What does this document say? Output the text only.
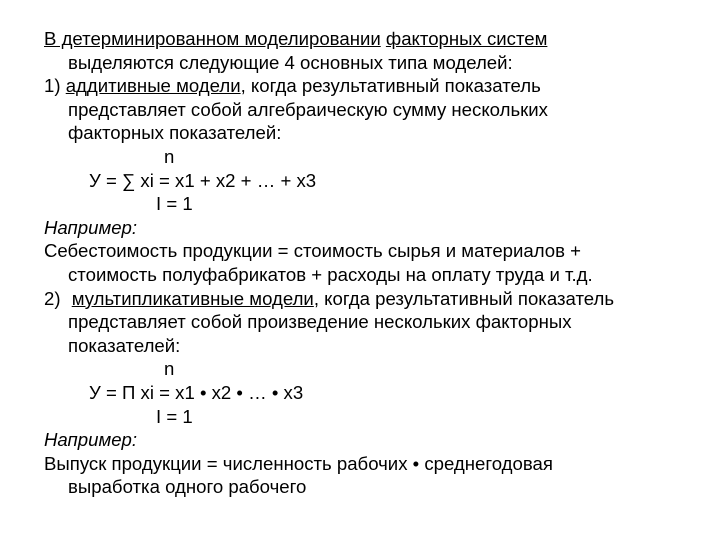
В детерминированном моделировании факторных систем
выделяются следующие 4 основных типа моделей:
1) аддитивные модели, когда результативный показатель
представляет собой алгебраическую сумму нескольких
факторных показателей:
n
У = ∑ xi = x1 + x2 + … + x3
I = 1
Например:
Себестоимость продукции = стоимость сырья и материалов +
стоимость полуфабрикатов + расходы на оплату труда и т.д.
2) мультипликативные модели, когда результативный показатель
представляет собой произведение нескольких факторных
показателей:
n
У = П xi = x1 • x2 • … • x3
I = 1
Например:
Выпуск продукции = численность рабочих • среднегодовая
выработка одного рабочего
